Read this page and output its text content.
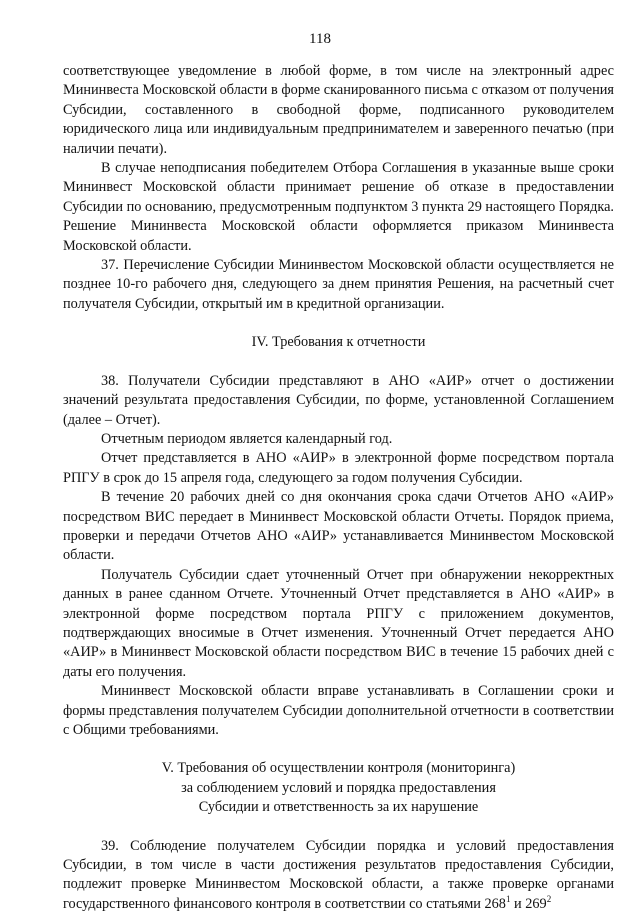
118

соответствующее уведомление в любой форме, в том числе на электронный адрес Мининвеста Московской области в форме сканированного письма с отказом от получения Субсидии, составленного в свободной форме, подписанного руководителем юридического лица или индивидуальным предпринимателем и заверенного печатью (при наличии печати).

В случае неподписания победителем Отбора Соглашения в указанные выше сроки Мининвест Московской области принимает решение об отказе в предоставлении Субсидии по основанию, предусмотренным подпунктом 3 пункта 29 настоящего Порядка. Решение Мининвеста Московской области оформляется приказом Мининвеста Московской области.

37. Перечисление Субсидии Мининвестом Московской области осуществляется не позднее 10-го рабочего дня, следующего за днем принятия Решения, на расчетный счет получателя Субсидии, открытый им в кредитной организации.

IV. Требования к отчетности

38. Получатели Субсидии представляют в АНО «АИР» отчет о достижении значений результата предоставления Субсидии, по форме, установленной Соглашением (далее – Отчет).

Отчетным периодом является календарный год.

Отчет представляется в АНО «АИР» в электронной форме посредством портала РПГУ в срок до 15 апреля года, следующего за годом получения Субсидии.

В течение 20 рабочих дней со дня окончания срока сдачи Отчетов АНО «АИР» посредством ВИС передает в Мининвест Московской области Отчеты. Порядок приема, проверки и передачи Отчетов АНО «АИР» устанавливается Мининвестом Московской области.

Получатель Субсидии сдает уточненный Отчет при обнаружении некорректных данных в ранее сданном Отчете. Уточненный Отчет представляется в АНО «АИР» в электронной форме посредством портала РПГУ с приложением документов, подтверждающих вносимые в Отчет изменения. Уточненный Отчет передается АНО «АИР» в Мининвест Московской области посредством ВИС в течение 15 рабочих дней с даты его получения.

Мининвест Московской области вправе устанавливать в Соглашении сроки и формы представления получателем Субсидии дополнительной отчетности в соответствии с Общими требованиями.

V. Требования об осуществлении контроля (мониторинга)

за соблюдением условий и порядка предоставления

Субсидии и ответственность за их нарушение

39. Соблюдение получателем Субсидии порядка и условий предоставления Субсидии, в том числе в части достижения результатов предоставления Субсидии, подлежит проверке Мининвестом Московской области, а также проверке органами государственного финансового контроля в соответствии со статьями $268^1$ и $269^2$
